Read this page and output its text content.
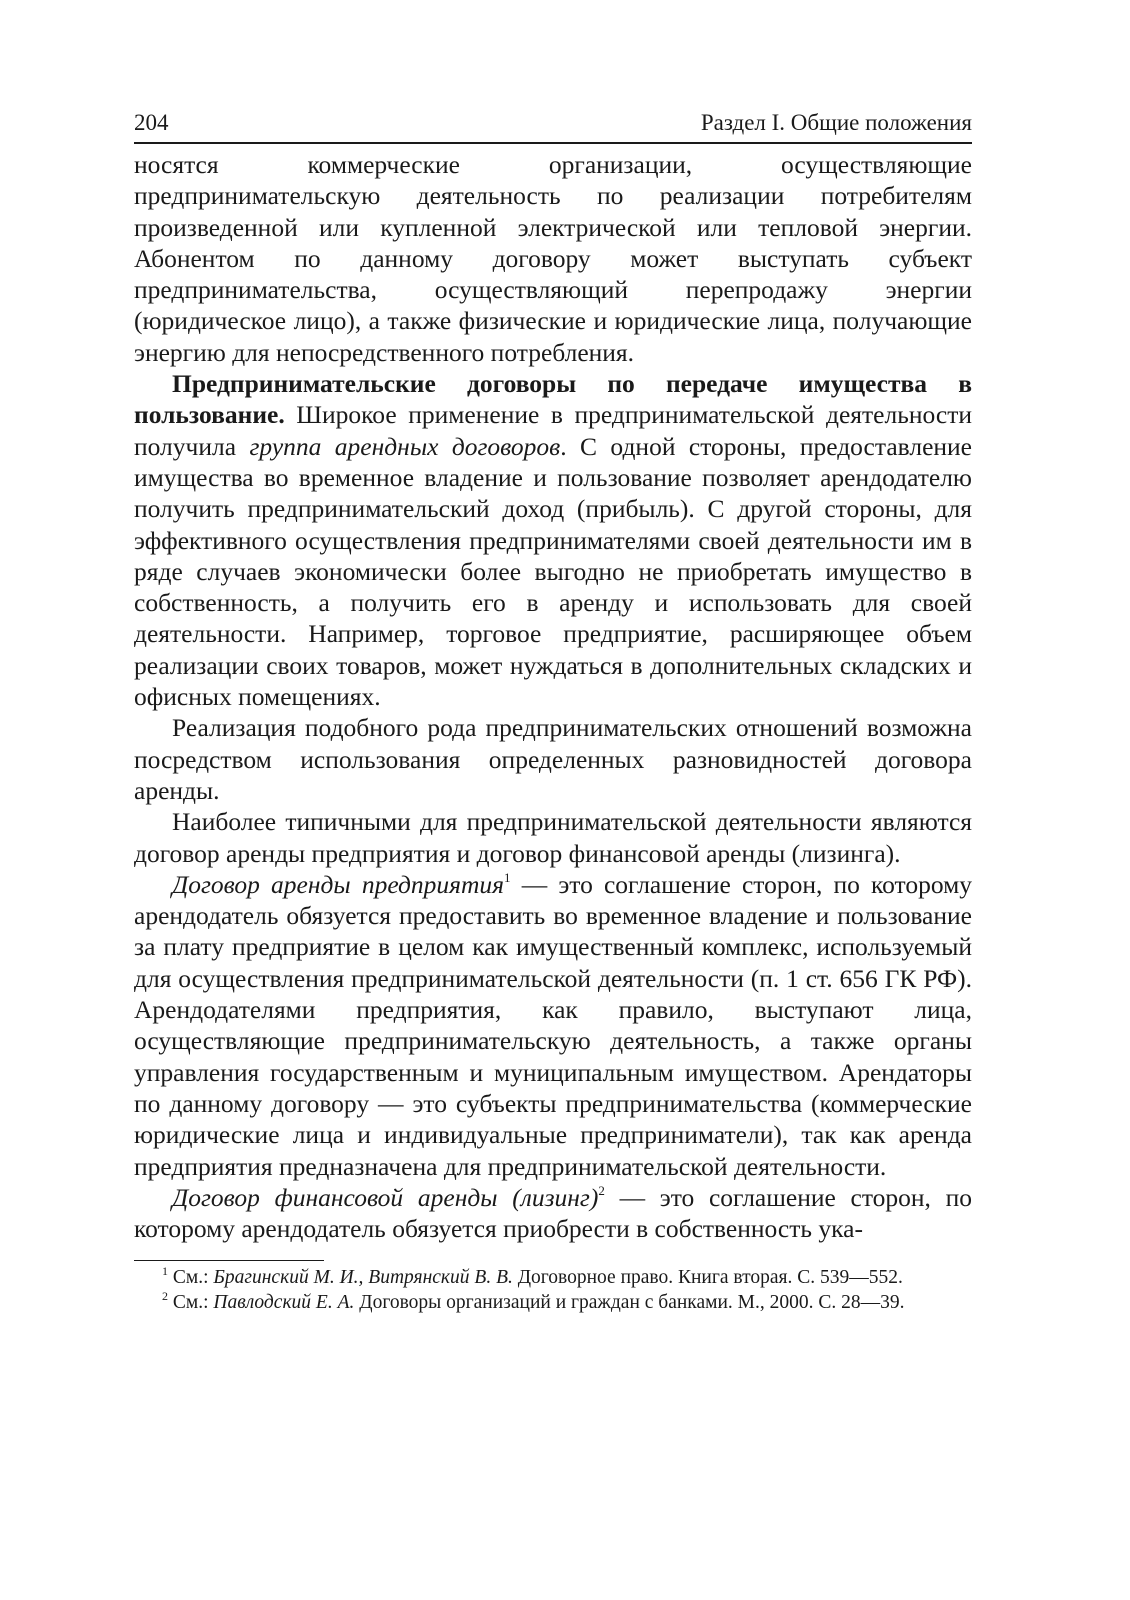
204	Раздел I. Общие положения

носятся коммерческие организации, осуществляющие предпринимательскую деятельность по реализации потребителям произведенной или купленной электрической или тепловой энергии. Абонентом по данному договору может выступать субъект предпринимательства, осуществляющий перепродажу энергии (юридическое лицо), а также физические и юридические лица, получающие энергию для непосредственного потребления.

Предпринимательские договоры по передаче имущества в пользование. Широкое применение в предпринимательской деятельности получила группа арендных договоров. С одной стороны, предоставление имущества во временное владение и пользование позволяет арендодателю получить предпринимательский доход (прибыль). С другой стороны, для эффективного осуществления предпринимателями своей деятельности им в ряде случаев экономически более выгодно не приобретать имущество в собственность, а получить его в аренду и использовать для своей деятельности. Например, торговое предприятие, расширяющее объем реализации своих товаров, может нуждаться в дополнительных складских и офисных помещениях.

Реализация подобного рода предпринимательских отношений возможна посредством использования определенных разновидностей договора аренды.

Наиболее типичными для предпринимательской деятельности являются договор аренды предприятия и договор финансовой аренды (лизинга).

Договор аренды предприятия$^1$ — это соглашение сторон, по которому арендодатель обязуется предоставить во временное владение и пользование за плату предприятие в целом как имущественный комплекс, используемый для осуществления предпринимательской деятельности (п. 1 ст. 656 ГК РФ). Арендодателями предприятия, как правило, выступают лица, осуществляющие предпринимательскую деятельность, а также органы управления государственным и муниципальным имуществом. Арендаторы по данному договору — это субъекты предпринимательства (коммерческие юридические лица и индивидуальные предприниматели), так как аренда предприятия предназначена для предпринимательской деятельности.

Договор финансовой аренды (лизинг)$^2$ — это соглашение сторон, по которому арендодатель обязуется приобрести в собственность ука-

$^1$ См.: Брагинский М. И., Витрянский В. В. Договорное право. Книга вторая. С. 539—552.

$^2$ См.: Павлодский Е. А. Договоры организаций и граждан с банками. М., 2000. С. 28—39.
